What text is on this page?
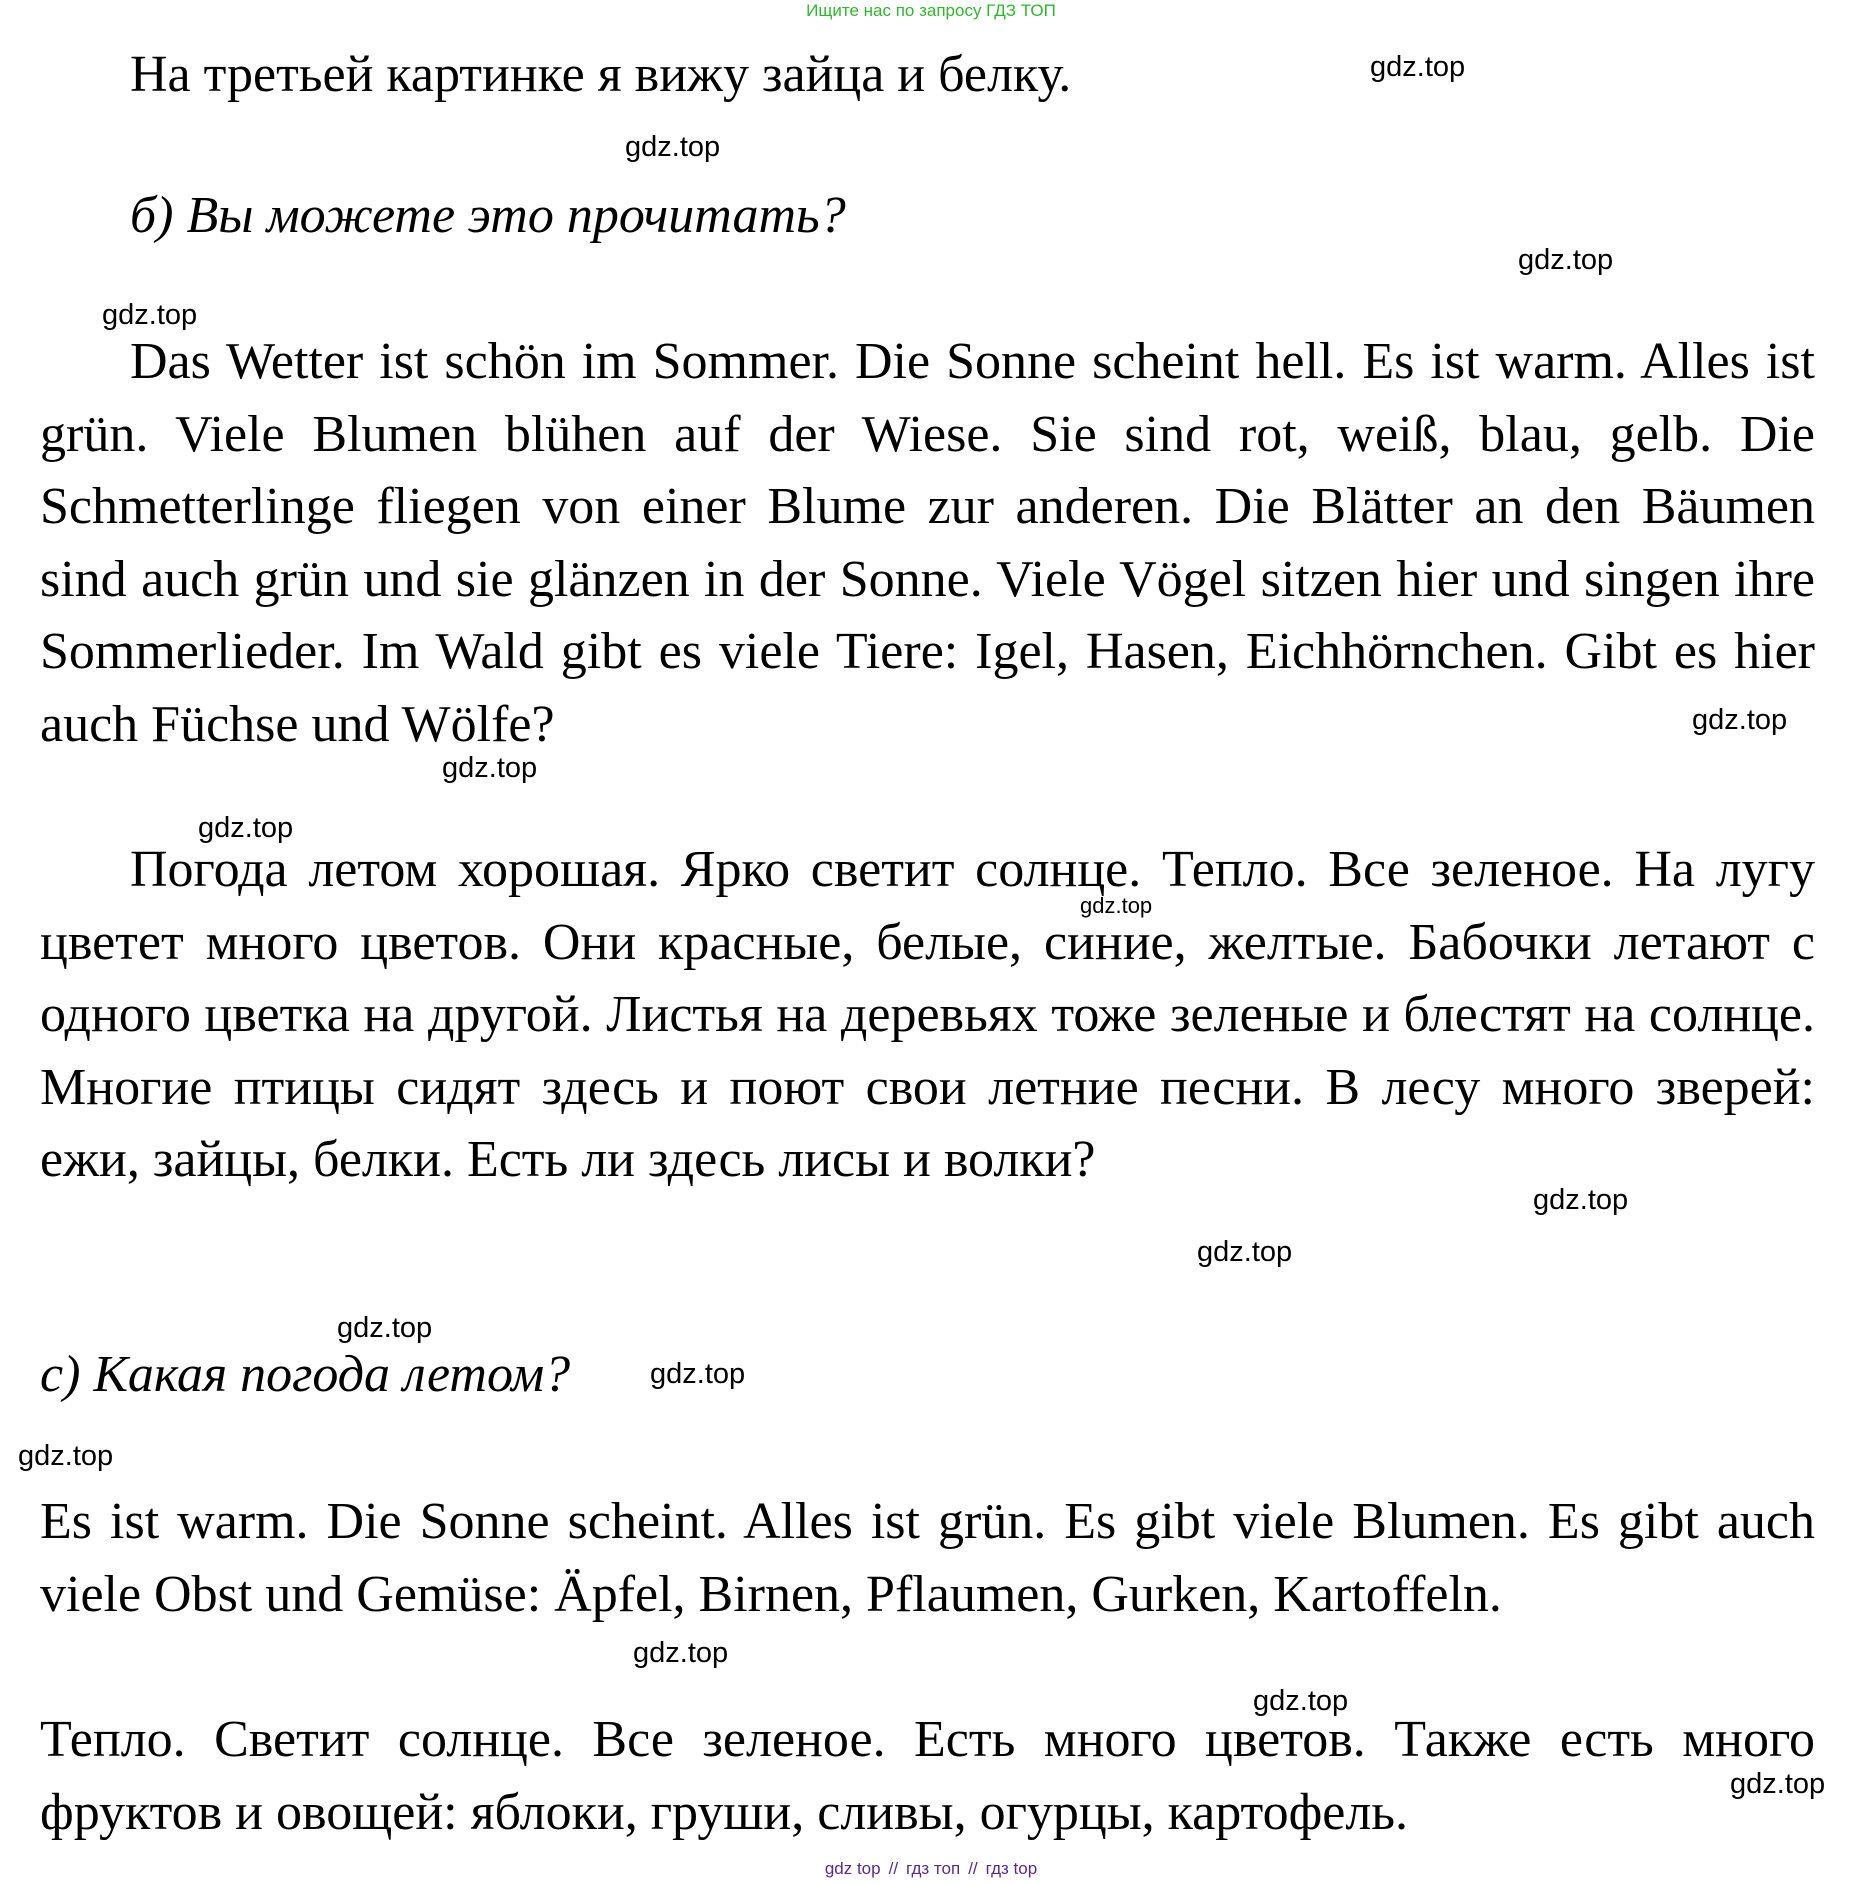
Ищите нас по запросу ГДЗ ТОП
На третьей картинке я вижу зайца и белку.
б) Вы можете это прочитать?

Das Wetter ist schön im Sommer. Die Sonne scheint hell. Es ist warm. Alles ist grün. Viele Blumen blühen auf der Wiese. Sie sind rot, weiß, blau, gelb. Die Schmetterlinge fliegen von einer Blume zur anderen. Die Blätter an den Bäumen sind auch grün und sie glänzen in der Sonne. Viele Vögel sitzen hier und singen ihre Sommerlieder. Im Wald gibt es viele Tiere: Igel, Hasen, Eichhörnchen. Gibt es hier auch Füchse und Wölfe?

Погода летом хорошая. Ярко светит солнце. Тепло. Все зеленое. На лугу цветет много цветов. Они красные, белые, синие, желтые. Бабочки летают с одного цветка на другой. Листья на деревьях тоже зеленые и блестят на солнце. Многие птицы сидят здесь и поют свои летние песни. В лесу много зверей: ежи, зайцы, белки. Есть ли здесь лисы и волки?

с) Какая погода летом?

Es ist warm. Die Sonne scheint. Alles ist grün. Es gibt viele Blumen. Es gibt auch viele Obst und Gemüse: Äpfel, Birnen, Pflaumen, Gurken, Kartoffeln.

Тепло. Светит солнце. Все зеленое. Есть много цветов. Также есть много фруктов и овощей: яблоки, груши, сливы, огурцы, картофель.

gdz.top
gdz.top
gdz.top
gdz.top
gdz.top
gdz.top
gdz.top
gdz.top
gdz.top
gdz.top
gdz.top
gdz.top
gdz.top
gdz.top
gdz.top
gdz.top
gdz top // гдз топ // гдз top
